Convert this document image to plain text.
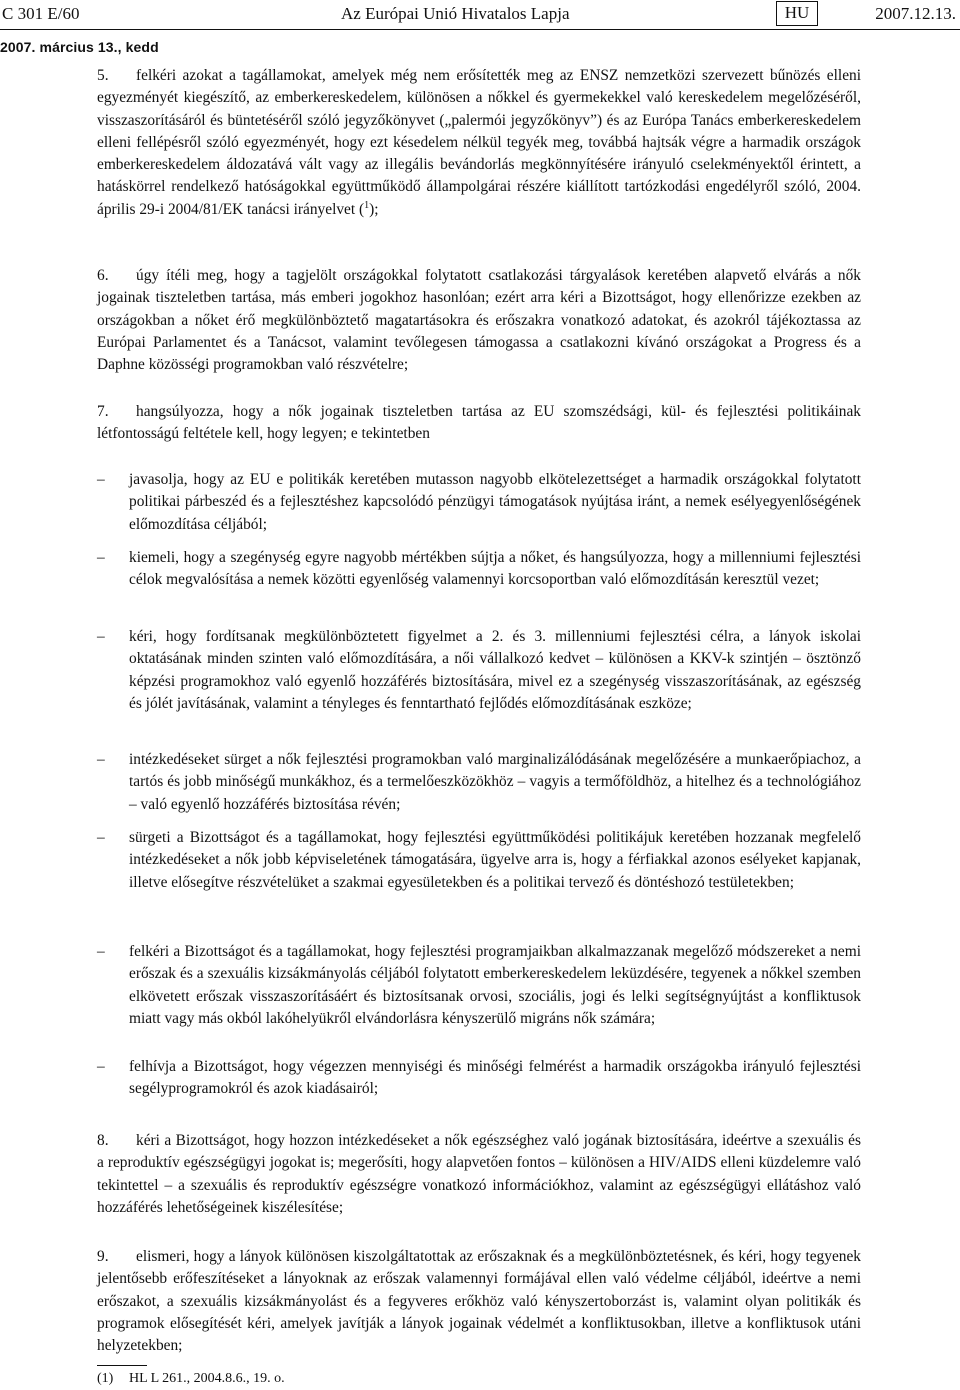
C 301 E/60	Az Európai Unió Hivatalos Lapja	HU	2007.12.13.
2007. március 13., kedd
5. felkéri azokat a tagállamokat, amelyek még nem erősítették meg az ENSZ nemzetközi szervezett bűnözés elleni egyezményét kiegészítő, az emberkereskedelem, különösen a nőkkel és gyermekekkel való kereskedelem megelőzéséről, visszaszorításáról és büntetéséről szóló jegyzőkönyvet („palermói jegyzőkönyv”) és az Európa Tanács emberkereskedelem elleni fellépésről szóló egyezményét, hogy ezt késedelem nélkül tegyék meg, továbbá hajtsák végre a harmadik országok emberkereskedelem áldozatává vált vagy az illegális bevándorlás megkönnyítésére irányuló cselekményektől érintett, a hatáskörrel rendelkező hatóságokkal együttműködő állampolgárai részére kiállított tartózkodási engedélyről szóló, 2004. április 29-i 2004/81/EK tanácsi irányelvet ($^1$);
6. úgy ítéli meg, hogy a tagjelölt országokkal folytatott csatlakozási tárgyalások keretében alapvető elvárás a nők jogainak tiszteletben tartása, más emberi jogokhoz hasonlóan; ezért arra kéri a Bizottságot, hogy ellenőrizze ezekben az országokban a nőket érő megkülönböztető magatartásokra és erőszakra vonatkozó adatokat, és azokról tájékoztassa az Európai Parlamentet és a Tanácsot, valamint tevőlegesen támogassa a csatlakozni kívánó országokat a Progress és a Daphne közösségi programokban való részvételre;
7. hangsúlyozza, hogy a nők jogainak tiszteletben tartása az EU szomszédsági, kül- és fejlesztési politikáinak létfontosságú feltétele kell, hogy legyen; e tekintetben
–	javasolja, hogy az EU e politikák keretében mutasson nagyobb elkötelezettséget a harmadik országokkal folytatott politikai párbeszéd és a fejlesztéshez kapcsolódó pénzügyi támogatások nyújtása iránt, a nemek esélyegyenlőségének előmozdítása céljából;
–	kiemeli, hogy a szegénység egyre nagyobb mértékben sújtja a nőket, és hangsúlyozza, hogy a millenniumi fejlesztési célok megvalósítása a nemek közötti egyenlőség valamennyi korcsoportban való előmozdításán keresztül vezet;
–	kéri, hogy fordítsanak megkülönböztetett figyelmet a 2. és 3. millenniumi fejlesztési célra, a lányok iskolai oktatásának minden szinten való előmozdítására, a női vállalkozó kedvet – különösen a KKV-k szintjén – ösztönző képzési programokhoz való egyenlő hozzáférés biztosítására, mivel ez a szegénység visszaszorításának, az egészség és jólét javításának, valamint a tényleges és fenntartható fejlődés előmozdításának eszköze;
–	intézkedéseket sürget a nők fejlesztési programokban való marginalizálódásának megelőzésére a munkaerőpiachoz, a tartós és jobb minőségű munkákhoz, és a termelőeszközökhöz – vagyis a termőföldhöz, a hitelhez és a technológiához – való egyenlő hozzáférés biztosítása révén;
–	sürgeti a Bizottságot és a tagállamokat, hogy fejlesztési együttműködési politikájuk keretében hozzanak megfelelő intézkedéseket a nők jobb képviseletének támogatására, ügyelve arra is, hogy a férfiakkal azonos esélyeket kapjanak, illetve elősegítve részvételüket a szakmai egyesületekben és a politikai tervező és döntéshozó testületekben;
–	felkéri a Bizottságot és a tagállamokat, hogy fejlesztési programjaikban alkalmazzanak megelőző módszereket a nemi erőszak és a szexuális kizsákmányolás céljából folytatott emberkereskedelem leküzdésére, tegyenek a nőkkel szemben elkövetett erőszak visszaszorításáért és biztosítsanak orvosi, szociális, jogi és lelki segítségnyújtást a konfliktusok miatt vagy más okból lakóhelyükről elvándorlásra kényszerülő migráns nők számára;
–	felhívja a Bizottságot, hogy végezzen mennyiségi és minőségi felmérést a harmadik országokba irányuló fejlesztési segélyprogramokról és azok kiadásairól;
8. kéri a Bizottságot, hogy hozzon intézkedéseket a nők egészséghez való jogának biztosítására, ideértve a szexuális és a reproduktív egészségügyi jogokat is; megerősíti, hogy alapvetően fontos – különösen a HIV/AIDS elleni küzdelemre való tekintettel – a szexuális és reproduktív egészségre vonatkozó információkhoz, valamint az egészségügyi ellátáshoz való hozzáférés lehetőségeinek kiszélesítése;
9. elismeri, hogy a lányok különösen kiszolgáltatottak az erőszaknak és a megkülönböztetésnek, és kéri, hogy tegyenek jelentősebb erőfeszítéseket a lányoknak az erőszak valamennyi formájával ellen való védelme céljából, ideértve a nemi erőszakot, a szexuális kizsákmányolást és a fegyveres erőkhöz való kényszertoborzást is, valamint olyan politikák és programok elősegítését kéri, amelyek javítják a lányok jogainak védelmét a konfliktusokban, illetve a konfliktusok utáni helyzetekben;
(1) HL L 261., 2004.8.6., 19. o.
